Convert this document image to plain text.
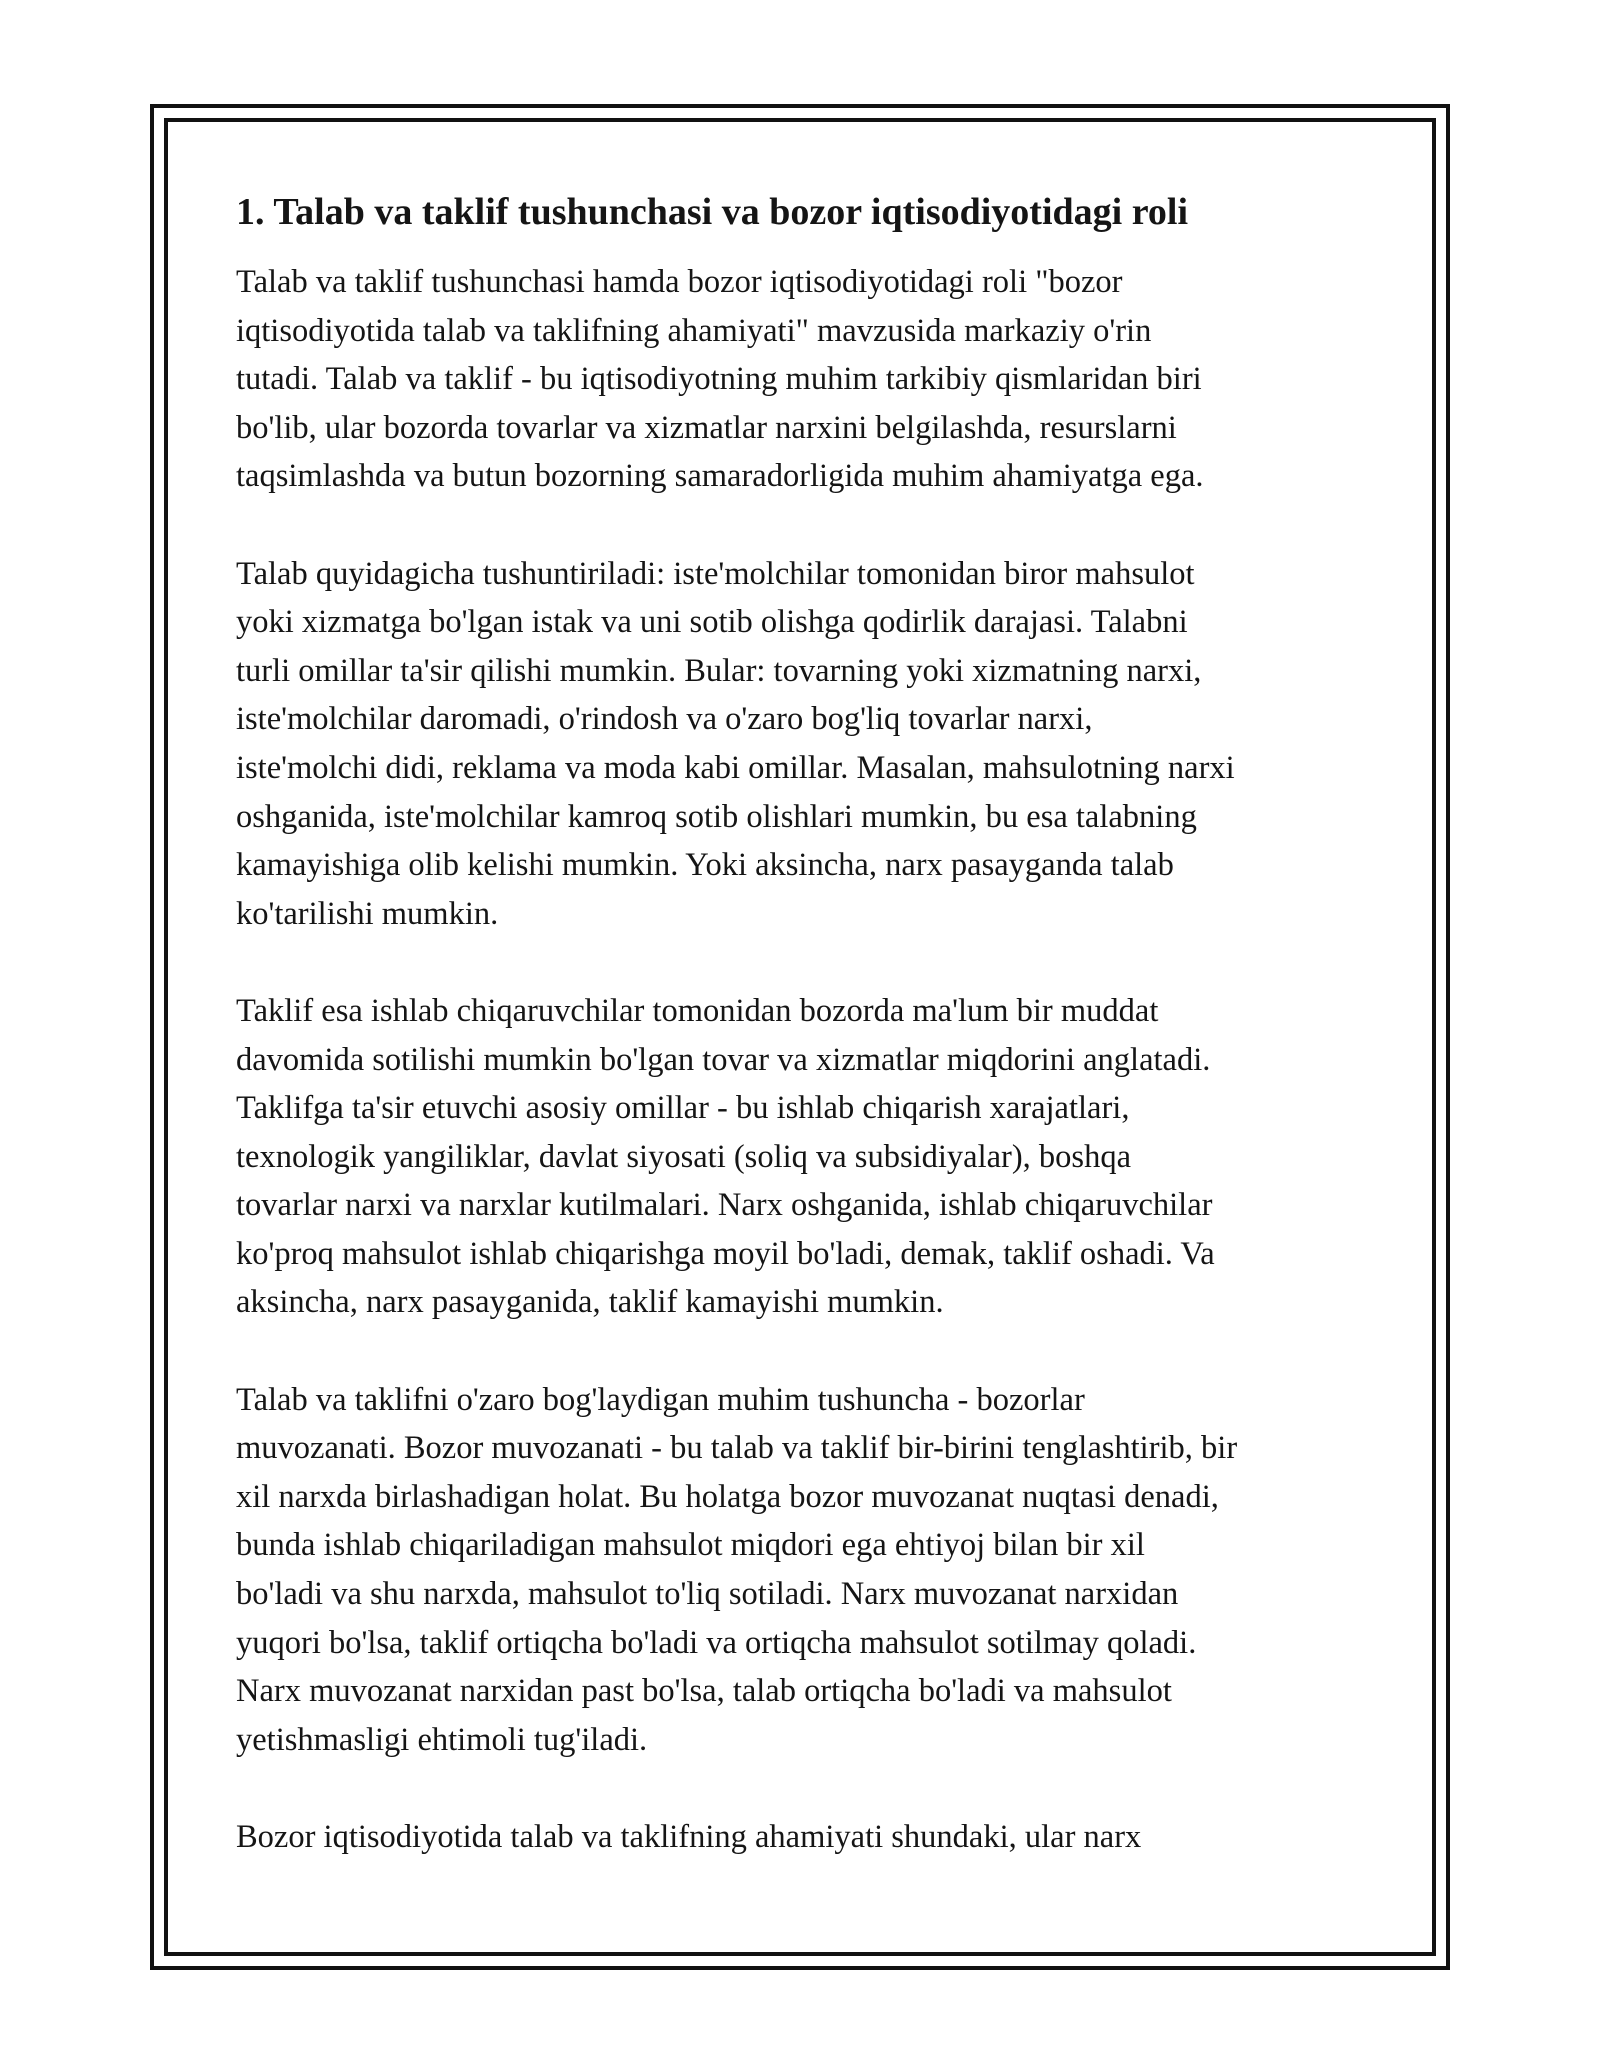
1. Talab va taklif tushunchasi va bozor iqtisodiyotidagi roli

Talab va taklif tushunchasi hamda bozor iqtisodiyotidagi roli "bozor
iqtisodiyotida talab va taklifning ahamiyati" mavzusida markaziy o'rin
tutadi. Talab va taklif - bu iqtisodiyotning muhim tarkibiy qismlaridan biri
bo'lib, ular bozorda tovarlar va xizmatlar narxini belgilashda, resurslarni
taqsimlashda va butun bozorning samaradorligida muhim ahamiyatga ega.

Talab quyidagicha tushuntiriladi: iste'molchilar tomonidan biror mahsulot
yoki xizmatga bo'lgan istak va uni sotib olishga qodirlik darajasi. Talabni
turli omillar ta'sir qilishi mumkin. Bular: tovarning yoki xizmatning narxi,
iste'molchilar daromadi, o'rindosh va o'zaro bog'liq tovarlar narxi,
iste'molchi didi, reklama va moda kabi omillar. Masalan, mahsulotning narxi
oshganida, iste'molchilar kamroq sotib olishlari mumkin, bu esa talabning
kamayishiga olib kelishi mumkin. Yoki aksincha, narx pasayganda talab
ko'tarilishi mumkin.

Taklif esa ishlab chiqaruvchilar tomonidan bozorda ma'lum bir muddat
davomida sotilishi mumkin bo'lgan tovar va xizmatlar miqdorini anglatadi.
Taklifga ta'sir etuvchi asosiy omillar - bu ishlab chiqarish xarajatlari,
texnologik yangiliklar, davlat siyosati (soliq va subsidiyalar), boshqa
tovarlar narxi va narxlar kutilmalari. Narx oshganida, ishlab chiqaruvchilar
ko'proq mahsulot ishlab chiqarishga moyil bo'ladi, demak, taklif oshadi. Va
aksincha, narx pasayganida, taklif kamayishi mumkin.

Talab va taklifni o'zaro bog'laydigan muhim tushuncha - bozorlar
muvozanati. Bozor muvozanati - bu talab va taklif bir-birini tenglashtirib, bir
xil narxda birlashadigan holat. Bu holatga bozor muvozanat nuqtasi denadi,
bunda ishlab chiqariladigan mahsulot miqdori ega ehtiyoj bilan bir xil
bo'ladi va shu narxda, mahsulot to'liq sotiladi. Narx muvozanat narxidan
yuqori bo'lsa, taklif ortiqcha bo'ladi va ortiqcha mahsulot sotilmay qoladi.
Narx muvozanat narxidan past bo'lsa, talab ortiqcha bo'ladi va mahsulot
yetishmasligi ehtimoli tug'iladi.

Bozor iqtisodiyotida talab va taklifning ahamiyati shundaki, ular narx
